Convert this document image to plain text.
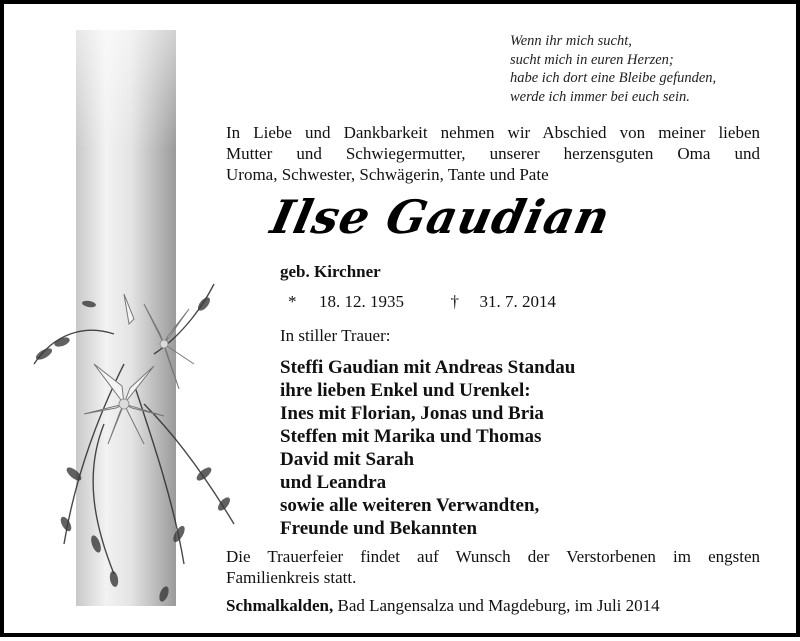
Wenn ihr mich sucht,
sucht mich in euren Herzen;
habe ich dort eine Bleibe gefunden,
werde ich immer bei euch sein.
In Liebe und Dankbarkeit nehmen wir Abschied von meiner lieben
Mutter und Schwiegermutter, unserer herzensguten Oma und
Uroma, Schwester, Schwägerin, Tante und Pate
Ilse Gaudian
geb. Kirchner
* 18. 12. 1935	† 31. 7. 2014
In stiller Trauer:
Steffi Gaudian mit Andreas Standau
ihre lieben Enkel und Urenkel:
Ines mit Florian, Jonas und Bria
Steffen mit Marika und Thomas
David mit Sarah
und Leandra
sowie alle weiteren Verwandten,
Freunde und Bekannten
Die Trauerfeier findet auf Wunsch der Verstorbenen im engsten
Familienkreis statt.
Schmalkalden, Bad Langensalza und Magdeburg, im Juli 2014
